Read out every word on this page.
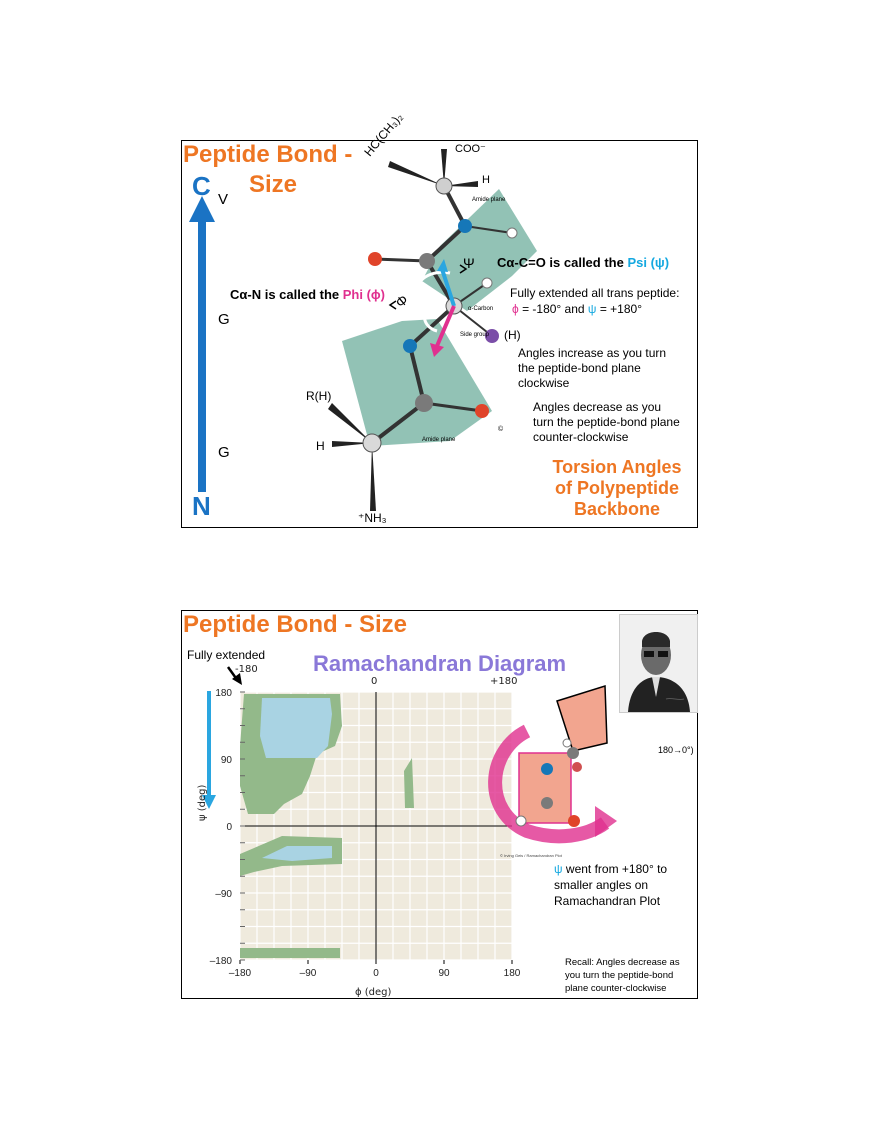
Peptide Bond -
Size
C
N
V
G
G
HC(CH₃)₂	COO⁻
H
Amide plane
Amide plane
α-Carbon
Side group (H)
R(H)
H
⁺NH₃
Ψ
Φ
©
Cα-C=O is called the Psi (ψ)
Cα-N is called the Phi (ϕ)	Fully extended all trans peptide:
ϕ = -180° and ψ = +180°
Angles increase as you turn
the peptide-bond plane
clockwise
Angles decrease as you
turn the peptide-bond plane
counter-clockwise
Torsion Angles
of Polypeptide
Backbone
Peptide Bond - Size
Ramachandran Diagram
Fully extended
-180
0	+180
–180	–90	0	90	180
180
90
0
–90
–180
ψ (deg)
ϕ (deg)
© Irving Geis / Ramachandran Plot
180→0°)
ψ went from +180° to
smaller angles on
Ramachandran Plot
Recall: Angles decrease as
you turn the peptide-bond
plane counter-clockwise
